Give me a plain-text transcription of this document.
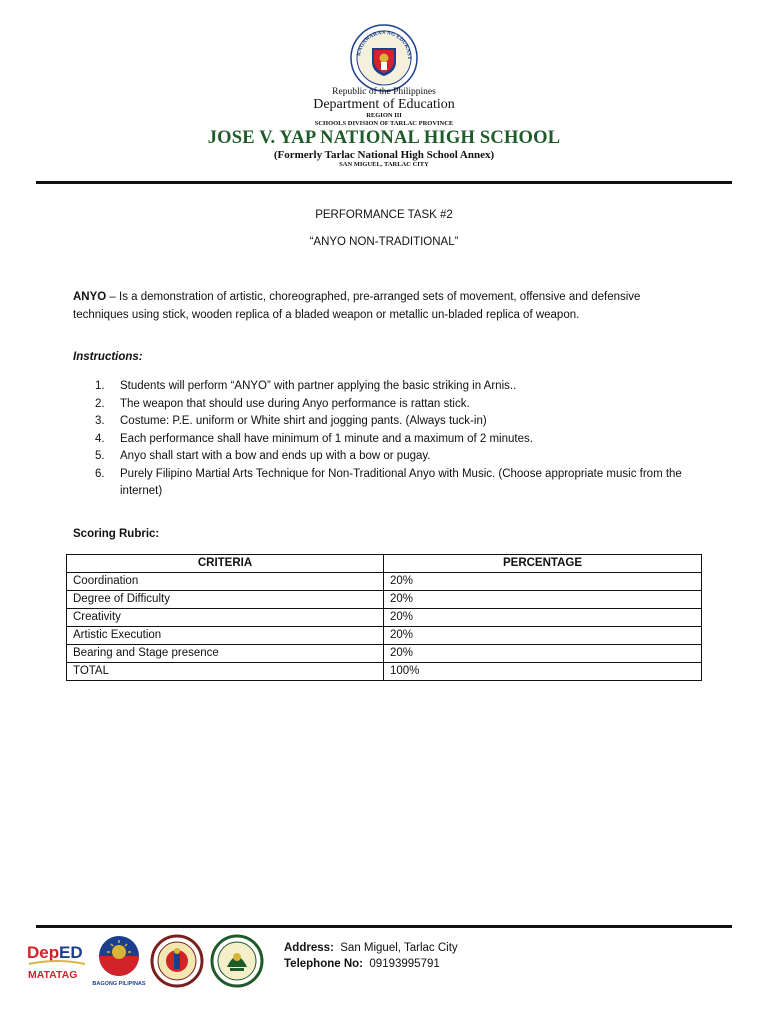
KAGAWARAN NG EDUKASY
Republic of the Philippines
Department of Education
REGION III
SCHOOLS DIVISION OF TARLAC PROVINCE
JOSE V. YAP NATIONAL HIGH SCHOOL
(Formerly Tarlac National High School Annex)
SAN MIGUEL, TARLAC CITY
PERFORMANCE TASK #2
“ANYO NON-TRADITIONAL”

ANYO – Is a demonstration of artistic, choreographed, pre-arranged sets of movement, offensive and defensive techniques using stick, wooden replica of a bladed weapon or metallic un-bladed replica of weapon.

Instructions:
1.	Students will perform “ANYO” with partner applying the basic striking in Arnis..
2.	The weapon that should use during Anyo performance is rattan stick.
3.	Costume: P.E. uniform or White shirt and jogging pants. (Always tuck-in)
4.	Each performance shall have minimum of 1 minute and a maximum of 2 minutes.
5.	Anyo shall start with a bow and ends up with a bow or pugay.
6.	Purely Filipino Martial Arts Technique for Non-Traditional Anyo with Music. (Choose appropriate music from the internet)
Scoring Rubric:
CRITERIA	PERCENTAGE
Coordination	20%
Degree of Difficulty	20%
Creativity	20%
Artistic Execution	20%
Bearing and Stage presence	20%
TOTAL	100%
Dep ED
MATATAG
BAGONG PILIPINAS
Address: San Miguel, Tarlac City
Telephone No: 09193995791
